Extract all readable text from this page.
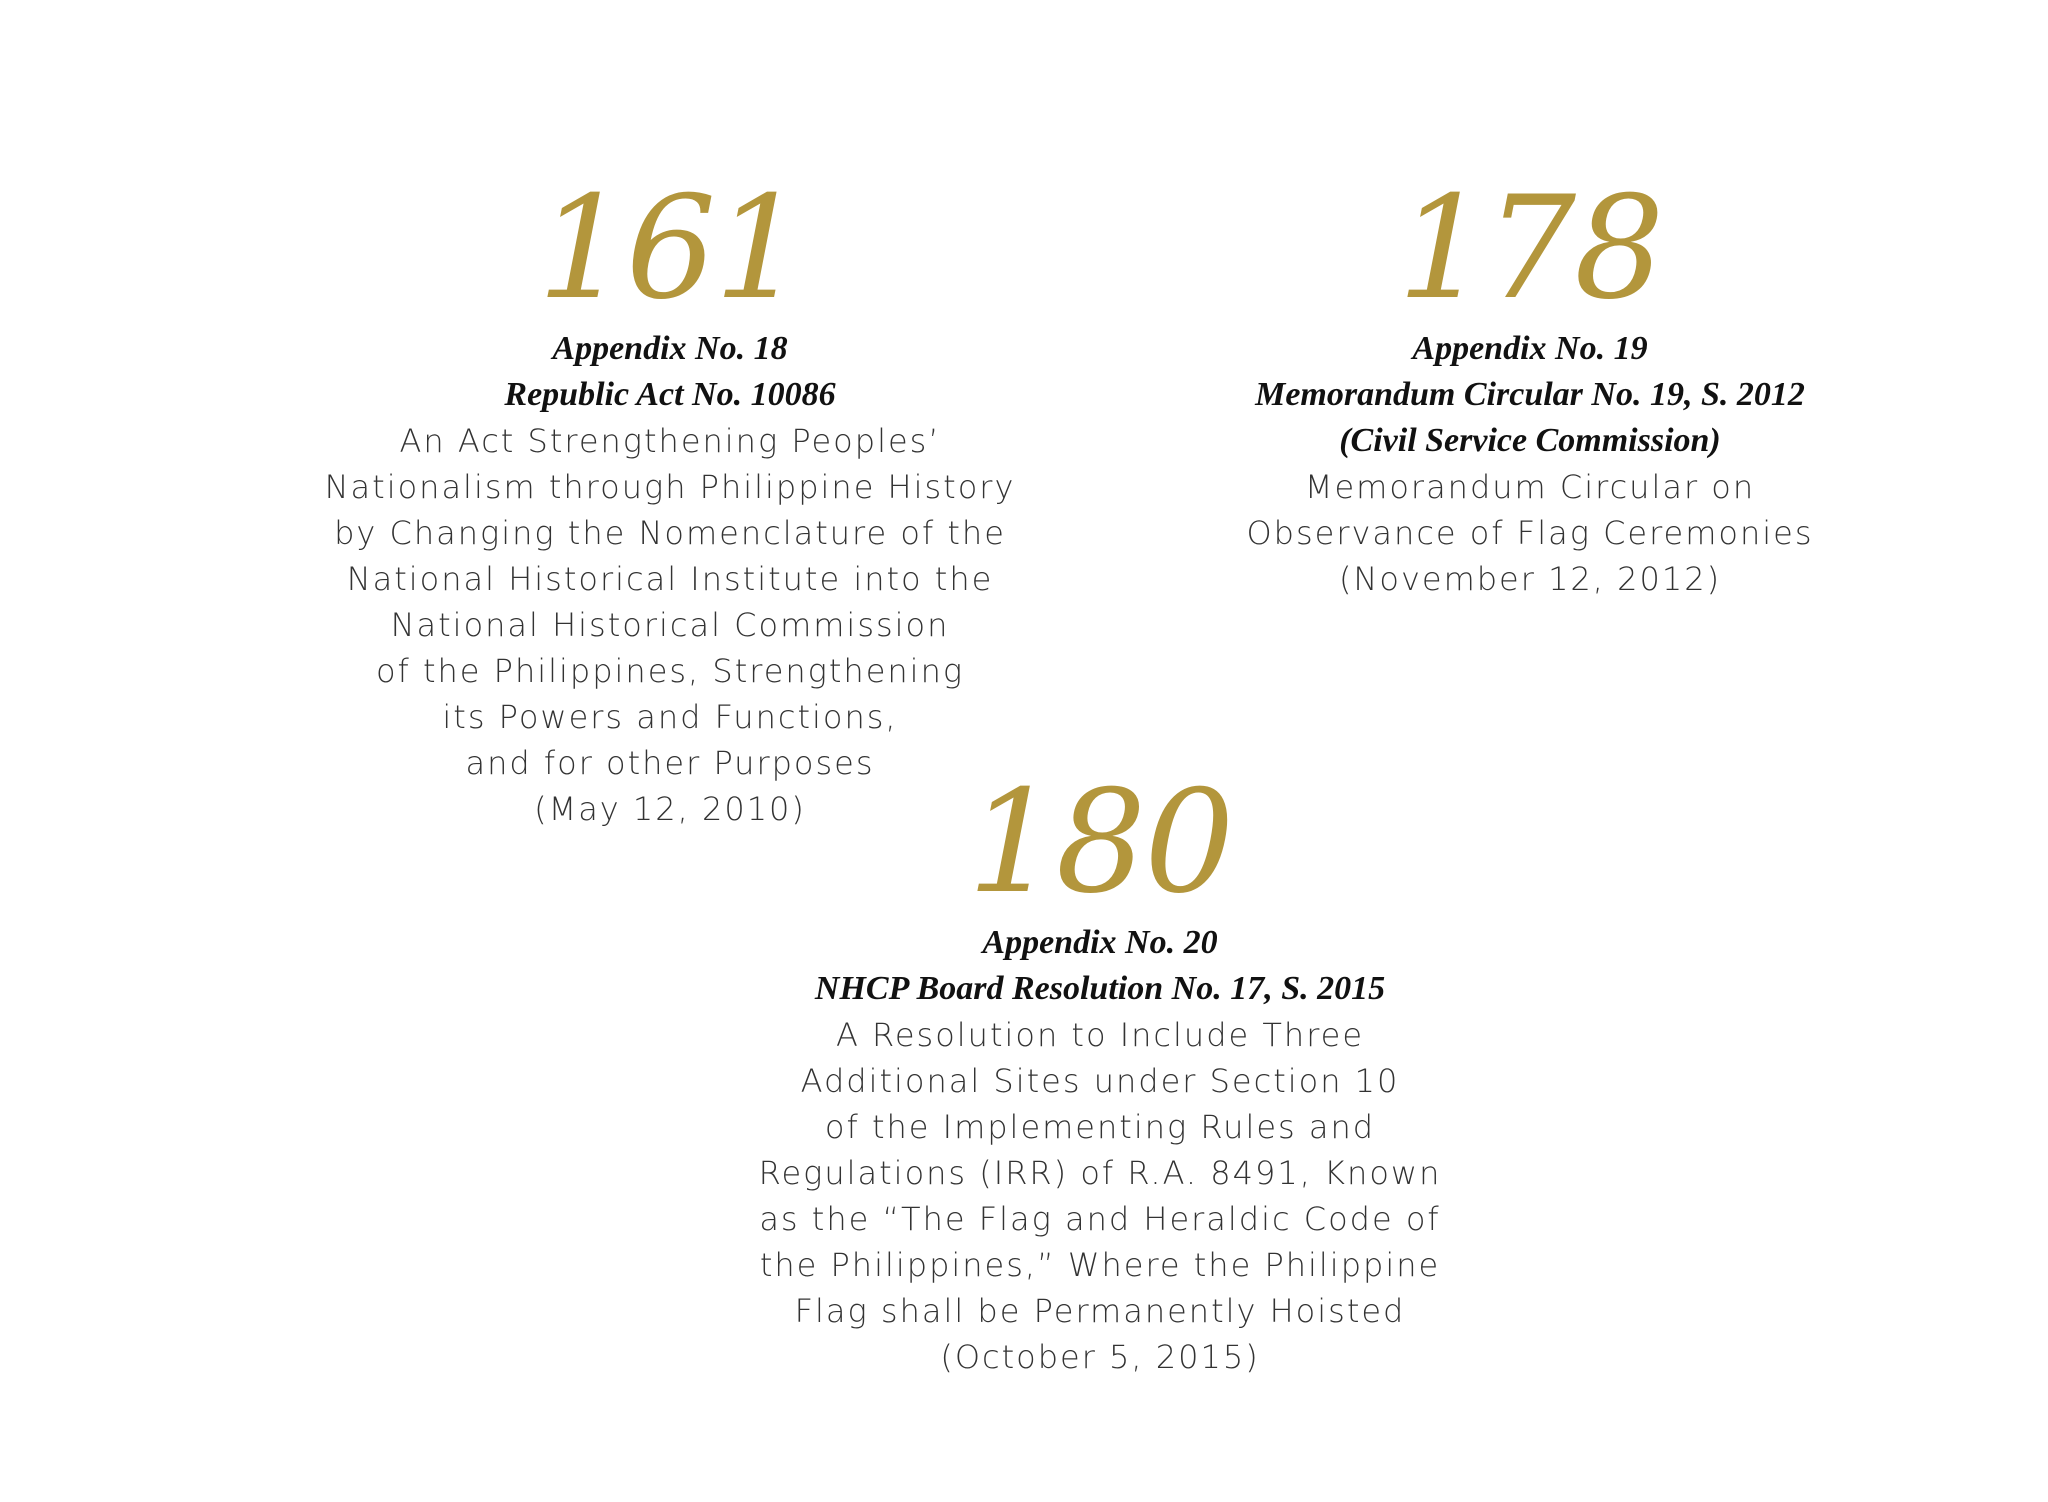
161
Appendix No. 18
Republic Act No. 10086
An Act Strengthening Peoples’
Nationalism through Philippine History
by Changing the Nomenclature of the
National Historical Institute into the
National Historical Commission
of the Philippines, Strengthening
its Powers and Functions,
and for other Purposes
(May 12, 2010)
178
Appendix No. 19
Memorandum Circular No. 19, S. 2012
(Civil Service Commission)
Memorandum Circular on
Observance of Flag Ceremonies
(November 12, 2012)
180
Appendix No. 20
NHCP Board Resolution No. 17, S. 2015
A Resolution to Include Three
Additional Sites under Section 10
of the Implementing Rules and
Regulations (IRR) of R.A. 8491, Known
as the “The Flag and Heraldic Code of
the Philippines,” Where the Philippine
Flag shall be Permanently Hoisted
(October 5, 2015)
